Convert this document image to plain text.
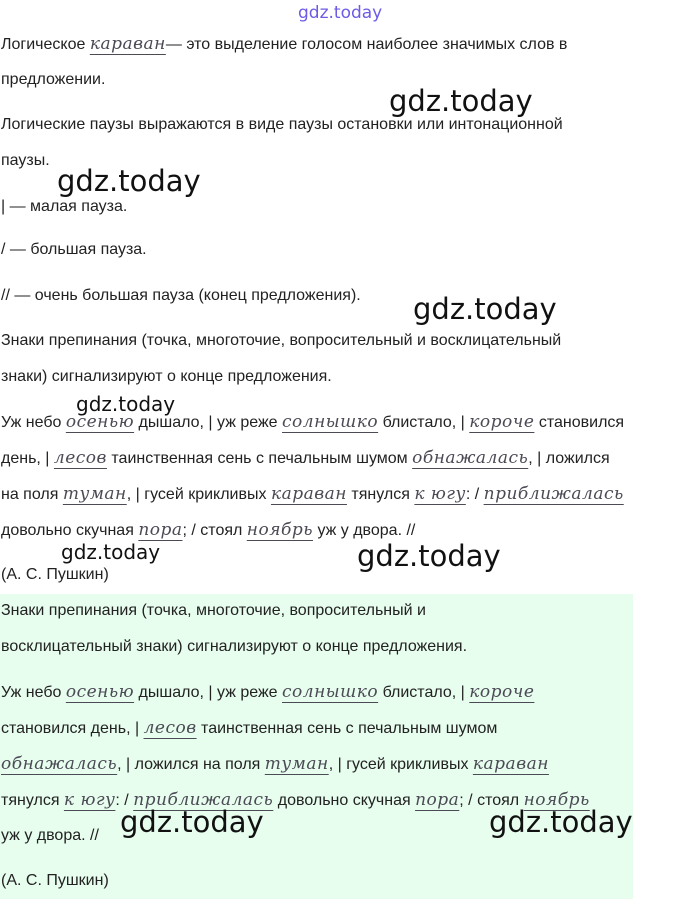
gdz.today

Логическое караван— это выделение голосом наиболее значимых слов в

предложении.

Логические паузы выражаются в виде паузы остановки или интонационной

паузы.

| — малая пауза.

/ — большая пауза.

// — очень большая пауза (конец предложения).

Знаки препинания (точка, многоточие, вопросительный и восклицательный

знаки) сигнализируют о конце предложения.

Уж небо осенью дышало, | уж реже солнышко блистало, | короче становился

день, | лесов таинственная сень с печальным шумом обнажалась, | ложился

на поля туман, | гусей крикливых караван тянулся к югу: / приближалась

довольно скучная пора; / стоял ноябрь уж у двора. //

(А. С. Пушкин)

Знаки препинания (точка, многоточие, вопросительный и

восклицательный знаки) сигнализируют о конце предложения.

Уж небо осенью дышало, | уж реже солнышко блистало, | короче

становился день, | лесов таинственная сень с печальным шумом

обнажалась, | ложился на поля туман, | гусей крикливых караван

тянулся к югу: / приближалась довольно скучная пора; / стоял ноябрь

уж у двора. //

(А. С. Пушкин)

gdz.today
gdz.today
gdz.today
gdz.today
gdz.today	gdz.today
gdz.today	gdz.today
